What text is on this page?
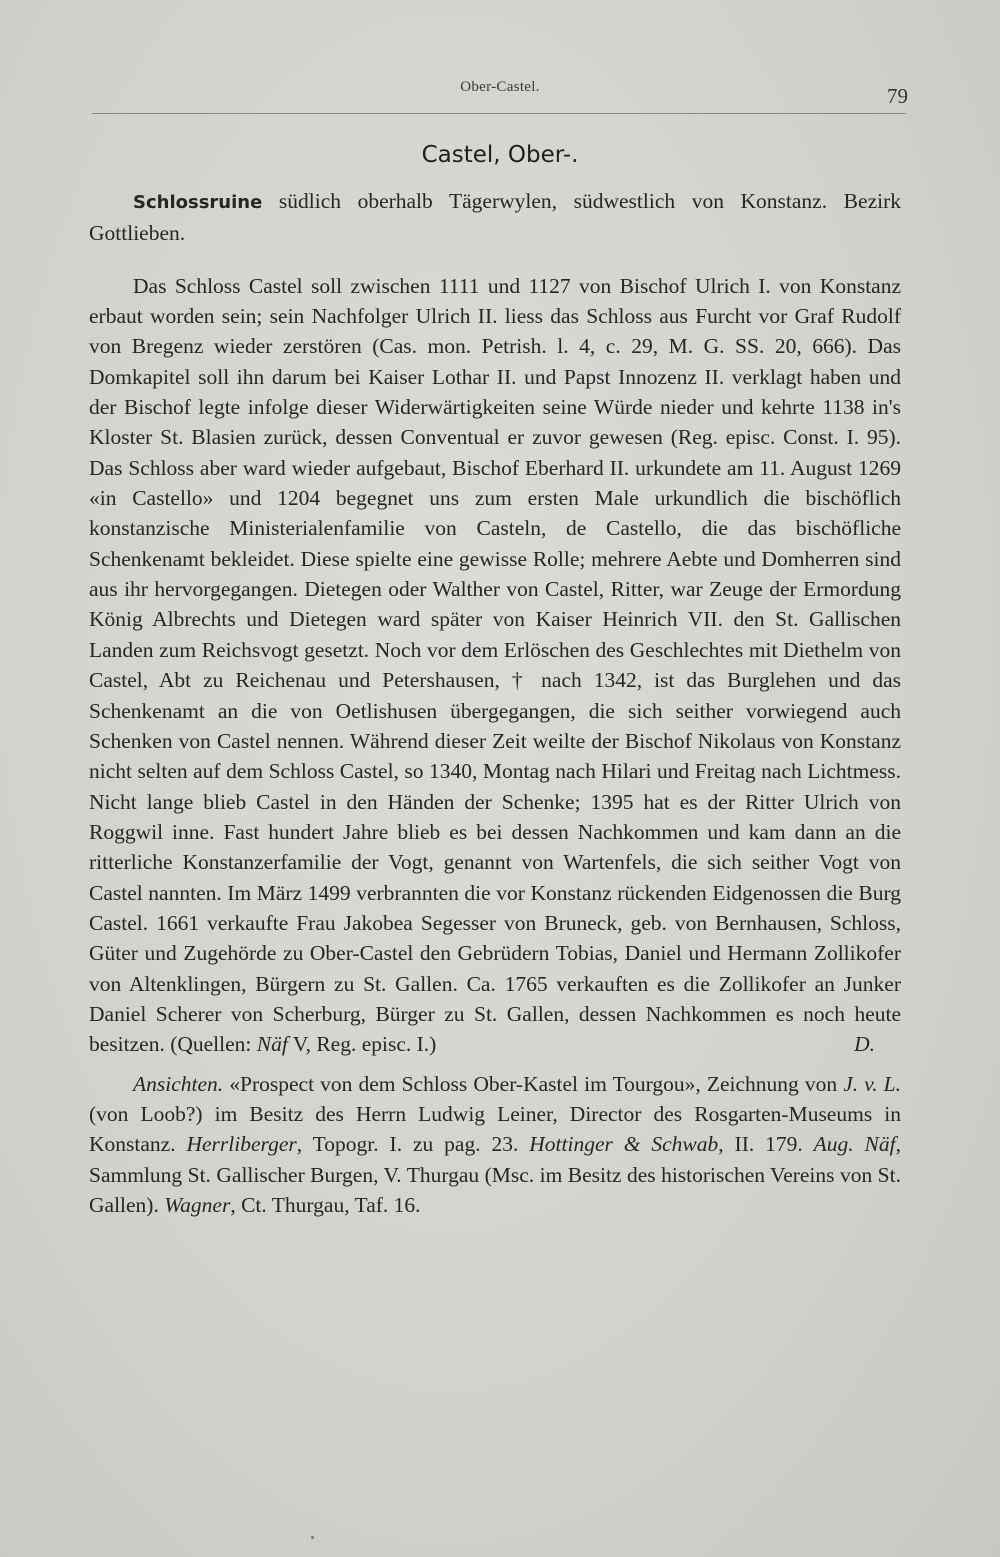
Ober-Castel.	79
Castel, Ober-.

Schlossruine südlich oberhalb Tägerwylen, südwestlich von Konstanz. Bezirk Gottlieben.

Das Schloss Castel soll zwischen 1111 und 1127 von Bischof Ulrich I. von Konstanz erbaut worden sein; sein Nachfolger Ulrich II. liess das Schloss aus Furcht vor Graf Rudolf von Bregenz wieder zerstören (Cas. mon. Petrish. l. 4, c. 29, M. G. SS. 20, 666). Das Domkapitel soll ihn darum bei Kaiser Lothar II. und Papst Innozenz II. verklagt haben und der Bischof legte infolge dieser Widerwärtigkeiten seine Würde nieder und kehrte 1138 in's Kloster St. Blasien zurück, dessen Conventual er zuvor gewesen (Reg. episc. Const. I. 95). Das Schloss aber ward wieder aufgebaut, Bischof Eberhard II. urkundete am 11. August 1269 «in Castello» und 1204 begegnet uns zum ersten Male urkundlich die bischöflich konstanzische Ministerialenfamilie von Casteln, de Castello, die das bischöfliche Schenkenamt bekleidet. Diese spielte eine gewisse Rolle; mehrere Aebte und Domherren sind aus ihr hervorgegangen. Dietegen oder Walther von Castel, Ritter, war Zeuge der Ermordung König Albrechts und Dietegen ward später von Kaiser Heinrich VII. den St. Gallischen Landen zum Reichsvogt gesetzt. Noch vor dem Erlöschen des Geschlechtes mit Diethelm von Castel, Abt zu Reichenau und Petershausen, † nach 1342, ist das Burglehen und das Schenkenamt an die von Oetlishusen übergegangen, die sich seither vorwiegend auch Schenken von Castel nennen. Während dieser Zeit weilte der Bischof Nikolaus von Konstanz nicht selten auf dem Schloss Castel, so 1340, Montag nach Hilari und Freitag nach Lichtmess. Nicht lange blieb Castel in den Händen der Schenke; 1395 hat es der Ritter Ulrich von Roggwil inne. Fast hundert Jahre blieb es bei dessen Nachkommen und kam dann an die ritterliche Konstanzerfamilie der Vogt, genannt von Wartenfels, die sich seither Vogt von Castel nannten. Im März 1499 verbrannten die vor Konstanz rückenden Eidgenossen die Burg Castel. 1661 verkaufte Frau Jakobea Segesser von Bruneck, geb. von Bernhausen, Schloss, Güter und Zugehörde zu Ober-Castel den Gebrüdern Tobias, Daniel und Hermann Zollikofer von Altenklingen, Bürgern zu St. Gallen. Ca. 1765 verkauften es die Zollikofer an Junker Daniel Scherer von Scherburg, Bürger zu St. Gallen, dessen Nachkommen es noch heute besitzen. (Quellen: Näf V, Reg. episc. I.)	D.

Ansichten. «Prospect von dem Schloss Ober-Kastel im Tourgou», Zeichnung von J. v. L. (von Loob?) im Besitz des Herrn Ludwig Leiner, Director des Rosgarten-Museums in Konstanz. Herrliberger, Topogr. I. zu pag. 23. Hottinger & Schwab, II. 179. Aug. Näf, Sammlung St. Gallischer Burgen, V. Thurgau (Msc. im Besitz des historischen Vereins von St. Gallen). Wagner, Ct. Thurgau, Taf. 16.
